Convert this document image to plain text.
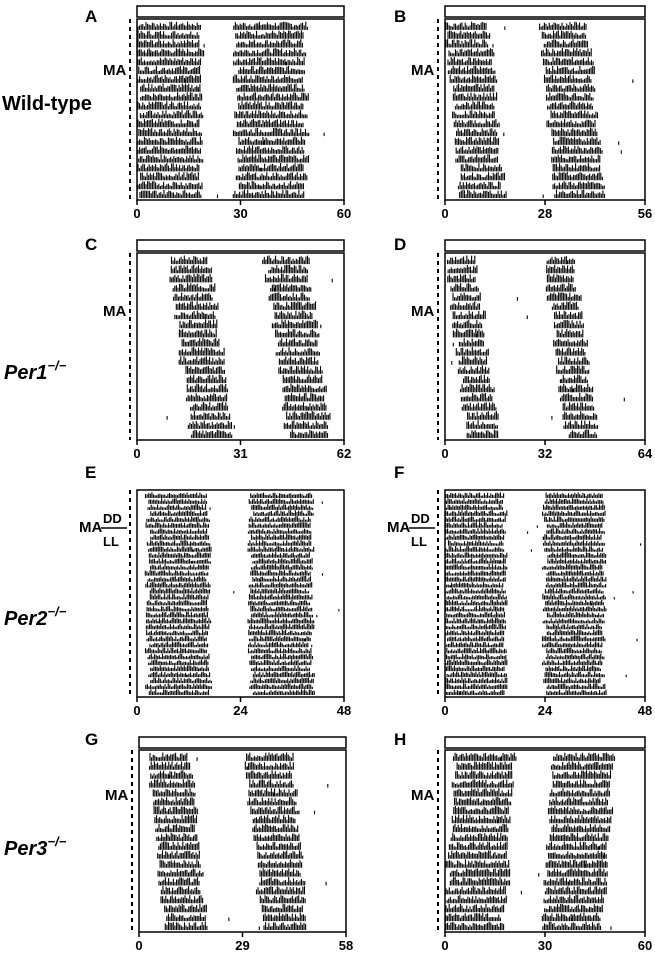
Wild-type
Per1−/−
Per2−/−
Per3−/−
A
MA
0	30	60
B
MA
0	28	56
C
MA
0	31	62
D
MA
0	32	64
E
MA
DD
LL
0	24	48
F
MA
DD
LL
0	24	48
G
MA
0	29	58
H
MA
0	30	60
